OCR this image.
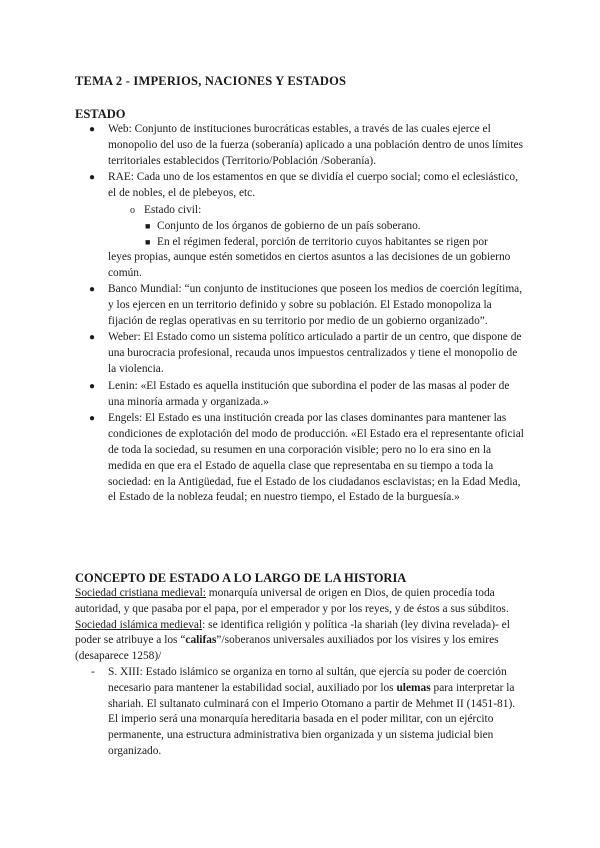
TEMA 2 - IMPERIOS, NACIONES Y ESTADOS
ESTADO
● Web: Conjunto de instituciones burocráticas estables, a través de las cuales ejerce el monopolio del uso de la fuerza (soberanía) aplicado a una población dentro de unos límites territoriales establecidos (Territorio/Población /Soberanía).
● RAE: Cada uno de los estamentos en que se dividía el cuerpo social; como el eclesiástico, el de nobles, el de plebeyos, etc.
o Estado civil:
■ Conjunto de los órganos de gobierno de un país soberano.
■ En el régimen federal, porción de territorio cuyos habitantes se rigen por
leyes propias, aunque estén sometidos en ciertos asuntos a las decisiones de un gobierno común.
● Banco Mundial: “un conjunto de instituciones que poseen los medios de coerción legítima, y los ejercen en un territorio definido y sobre su población. El Estado monopoliza la fijación de reglas operativas en su territorio por medio de un gobierno organizado”.
● Weber: El Estado como un sistema político articulado a partir de un centro, que dispone de una burocracia profesional, recauda unos impuestos centralizados y tiene el monopolio de la violencia.
● Lenin: «El Estado es aquella institución que subordina el poder de las masas al poder de una minoría armada y organizada.»
● Engels: El Estado es una institución creada por las clases dominantes para mantener las condiciones de explotación del modo de producción. «El Estado era el representante oficial de toda la sociedad, su resumen en una corporación visible; pero no lo era sino en la medida en que era el Estado de aquella clase que representaba en su tiempo a toda la sociedad: en la Antigüedad, fue el Estado de los ciudadanos esclavistas; en la Edad Media, el Estado de la nobleza feudal; en nuestro tiempo, el Estado de la burguesía.»
CONCEPTO DE ESTADO A LO LARGO DE LA HISTORIA

Sociedad cristiana medieval: monarquía universal de origen en Dios, de quien procedía toda autoridad, y que pasaba por el papa, por el emperador y por los reyes, y de éstos a sus súbditos.

Sociedad islámica medieval: se identifica religión y política -la shariah (ley divina revelada)- el poder se atribuye a los “califas”/soberanos universales auxiliados por los visires y los emires (desaparece 1258)/

- S. XIII: Estado islámico se organiza en torno al sultán, que ejercía su poder de coerción necesario para mantener la estabilidad social, auxiliado por los ulemas para interpretar la shariah. El sultanato culminará con el Imperio Otomano a partir de Mehmet II (1451-81). El imperio será una monarquía hereditaria basada en el poder militar, con un ejército permanente, una estructura administrativa bien organizada y un sistema judicial bien organizado.
